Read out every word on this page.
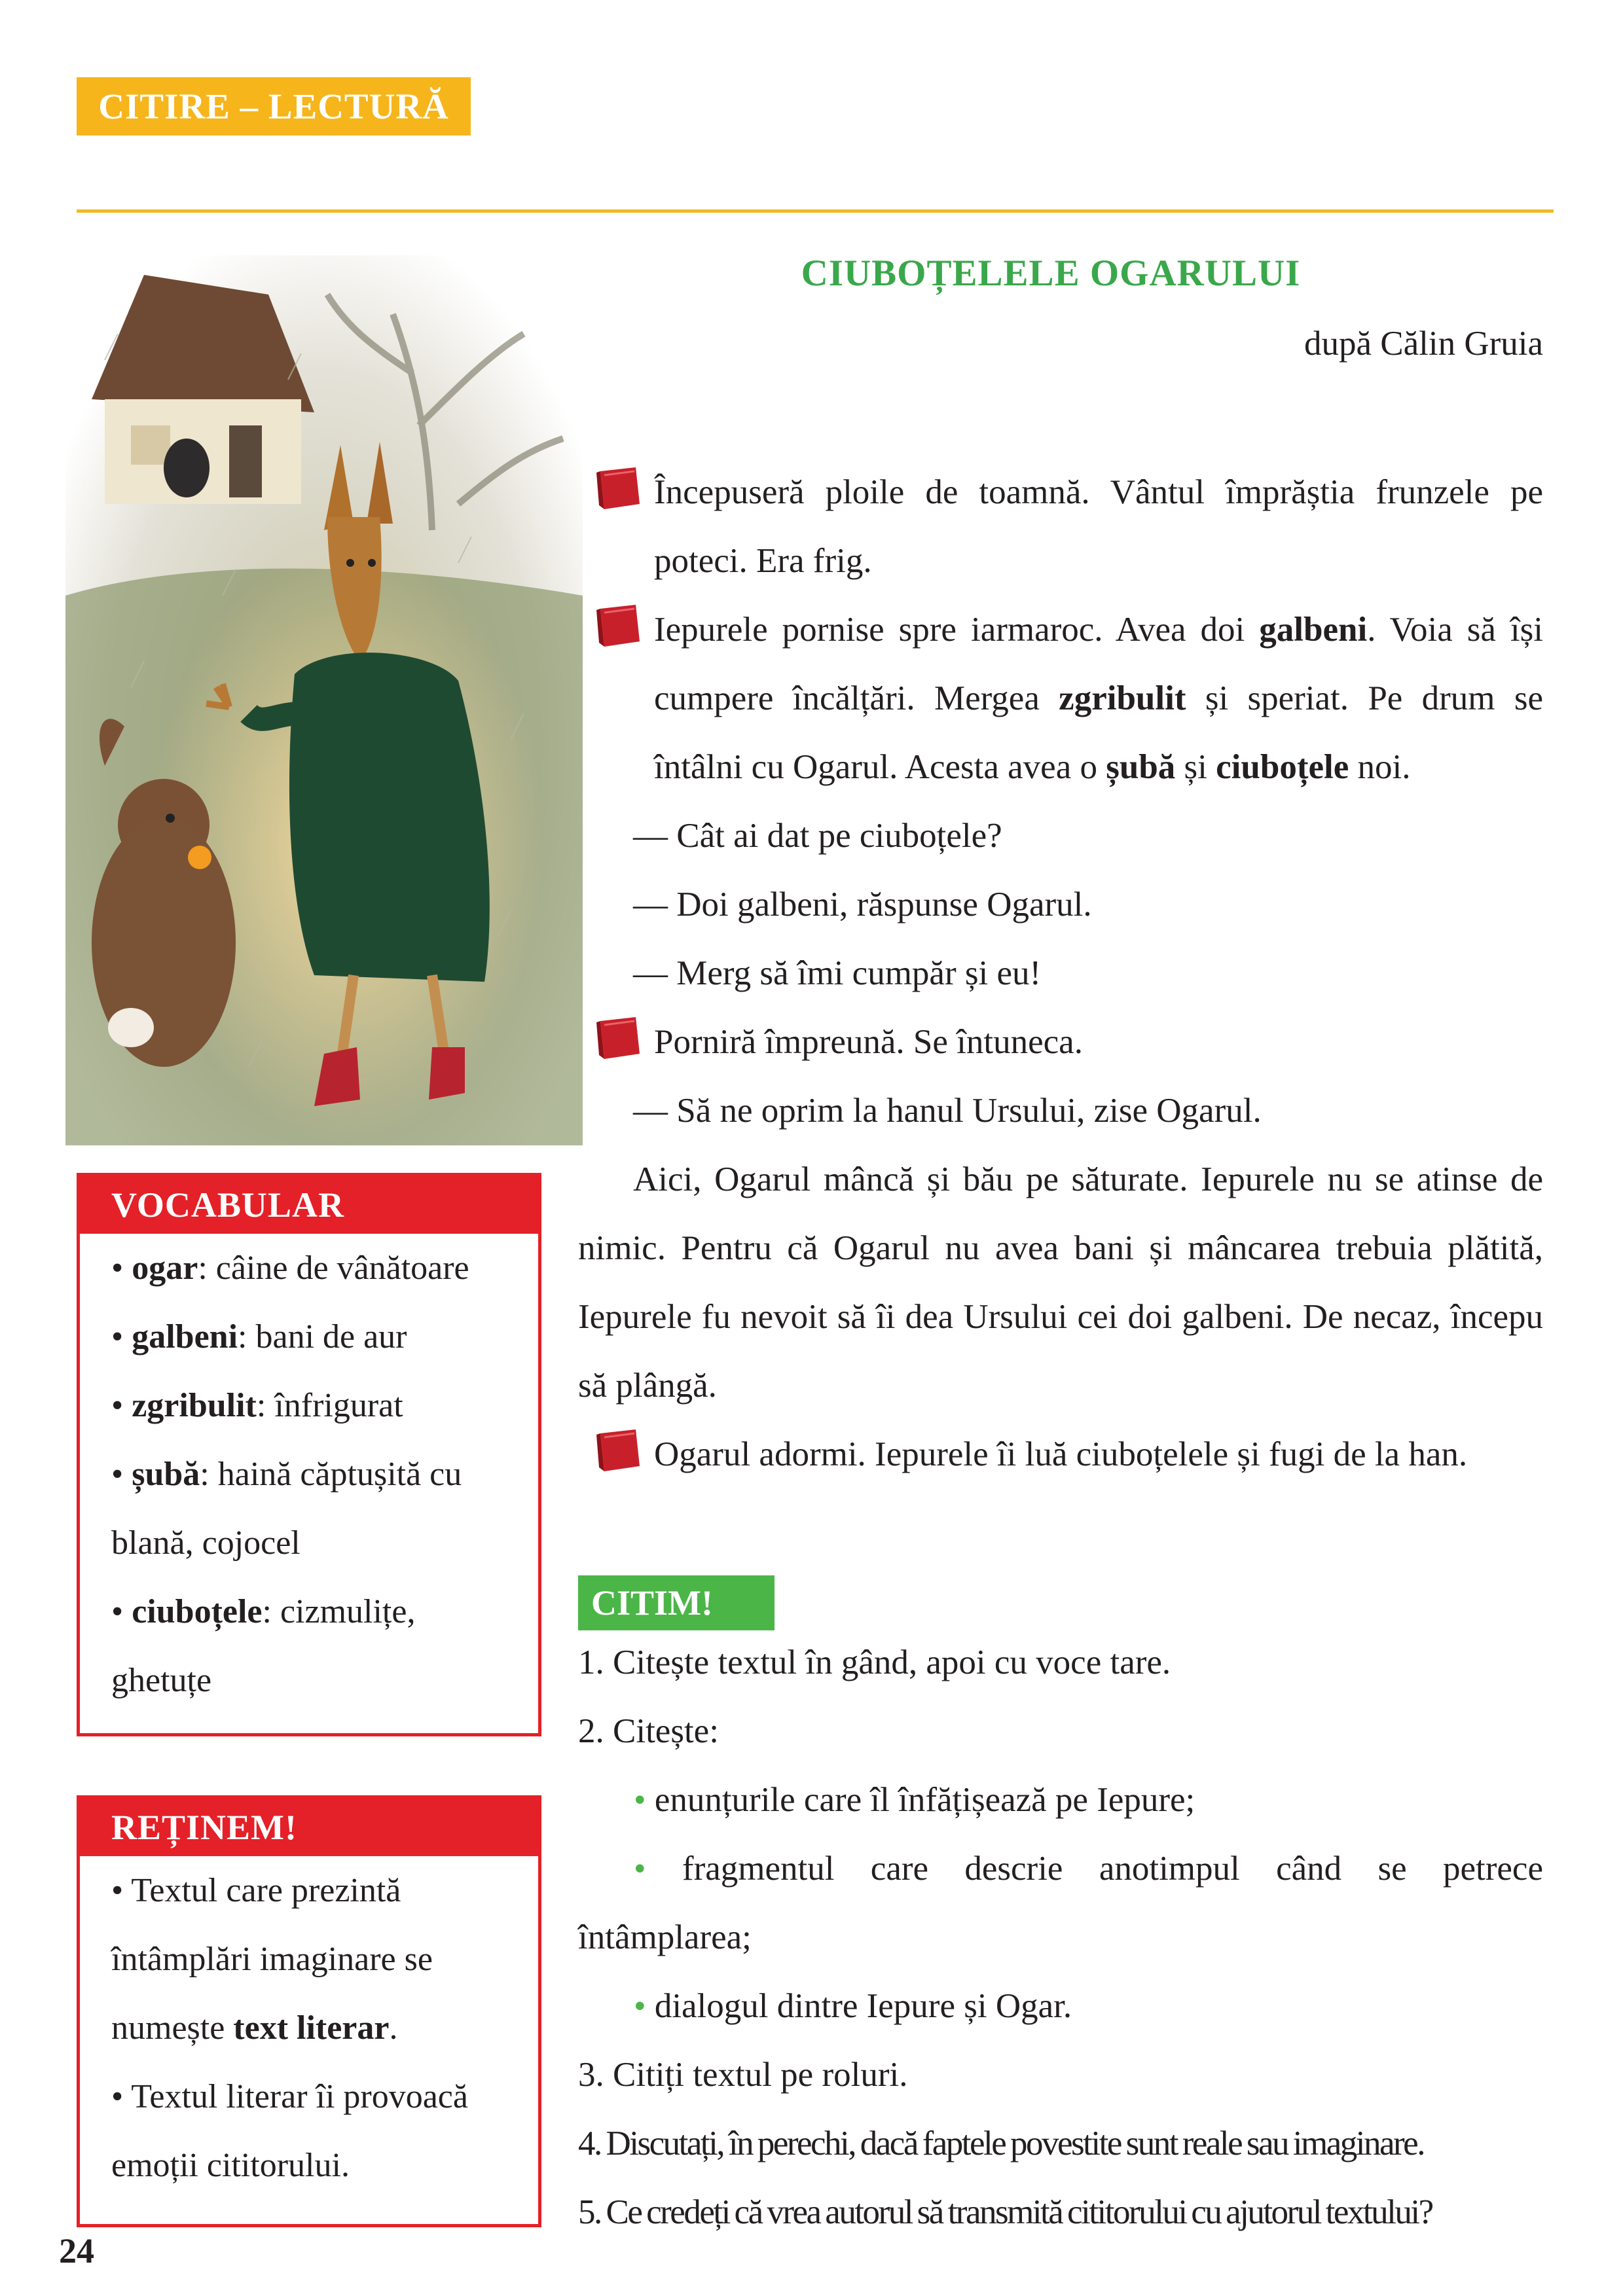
CITIRE – LECTURĂ
CIUBOȚELELE OGARULUI
după Călin Gruia

Începuseră ploile de toamnă. Vântul împrăștia frunzele pe poteci. Era frig.

Iepurele pornise spre iarmaroc. Avea doi galbeni. Voia să își cumpere încălțări. Mergea zgribulit și speriat. Pe drum se întâlni cu Ogarul. Acesta avea o șubă și ciuboțele noi.

— Cât ai dat pe ciuboțele?

— Doi galbeni, răspunse Ogarul.

— Merg să îmi cumpăr și eu!

Porniră împreună. Se întuneca.

— Să ne oprim la hanul Ursului, zise Ogarul.

Aici, Ogarul mâncă și bău pe săturate. Iepurele nu se atinse de nimic. Pentru că Ogarul nu avea bani și mâncarea trebuia plătită, Iepurele fu nevoit să îi dea Ursului cei doi galbeni. De necaz, începu să plângă.

Ogarul adormi. Iepurele îi luă ciuboțelele și fugi de la han.

VOCABULAR
• ogar: câine de vânătoare
• galbeni: bani de aur
• zgribulit: înfrigurat
• șubă: haină căptușită cu
blană, cojocel
• ciuboțele: cizmulițe,
ghetuțe
REȚINEM!
• Textul care prezintă
întâmplări imaginare se
numește text literar.
• Textul literar îi provoacă
emoții cititorului.
CITIM!
1. Citește textul în gând, apoi cu voce tare.
2. Citește:
• enunțurile care îl înfățișează pe Iepure;
• fragmentul care descrie anotimpul când se petrece
întâmplarea;
• dialogul dintre Iepure și Ogar.
3. Citiți textul pe roluri.
4. Discutați, în perechi, dacă faptele povestite sunt reale sau imaginare.
5. Ce credeți că vrea autorul să transmită cititorului cu ajutorul textului?
24
